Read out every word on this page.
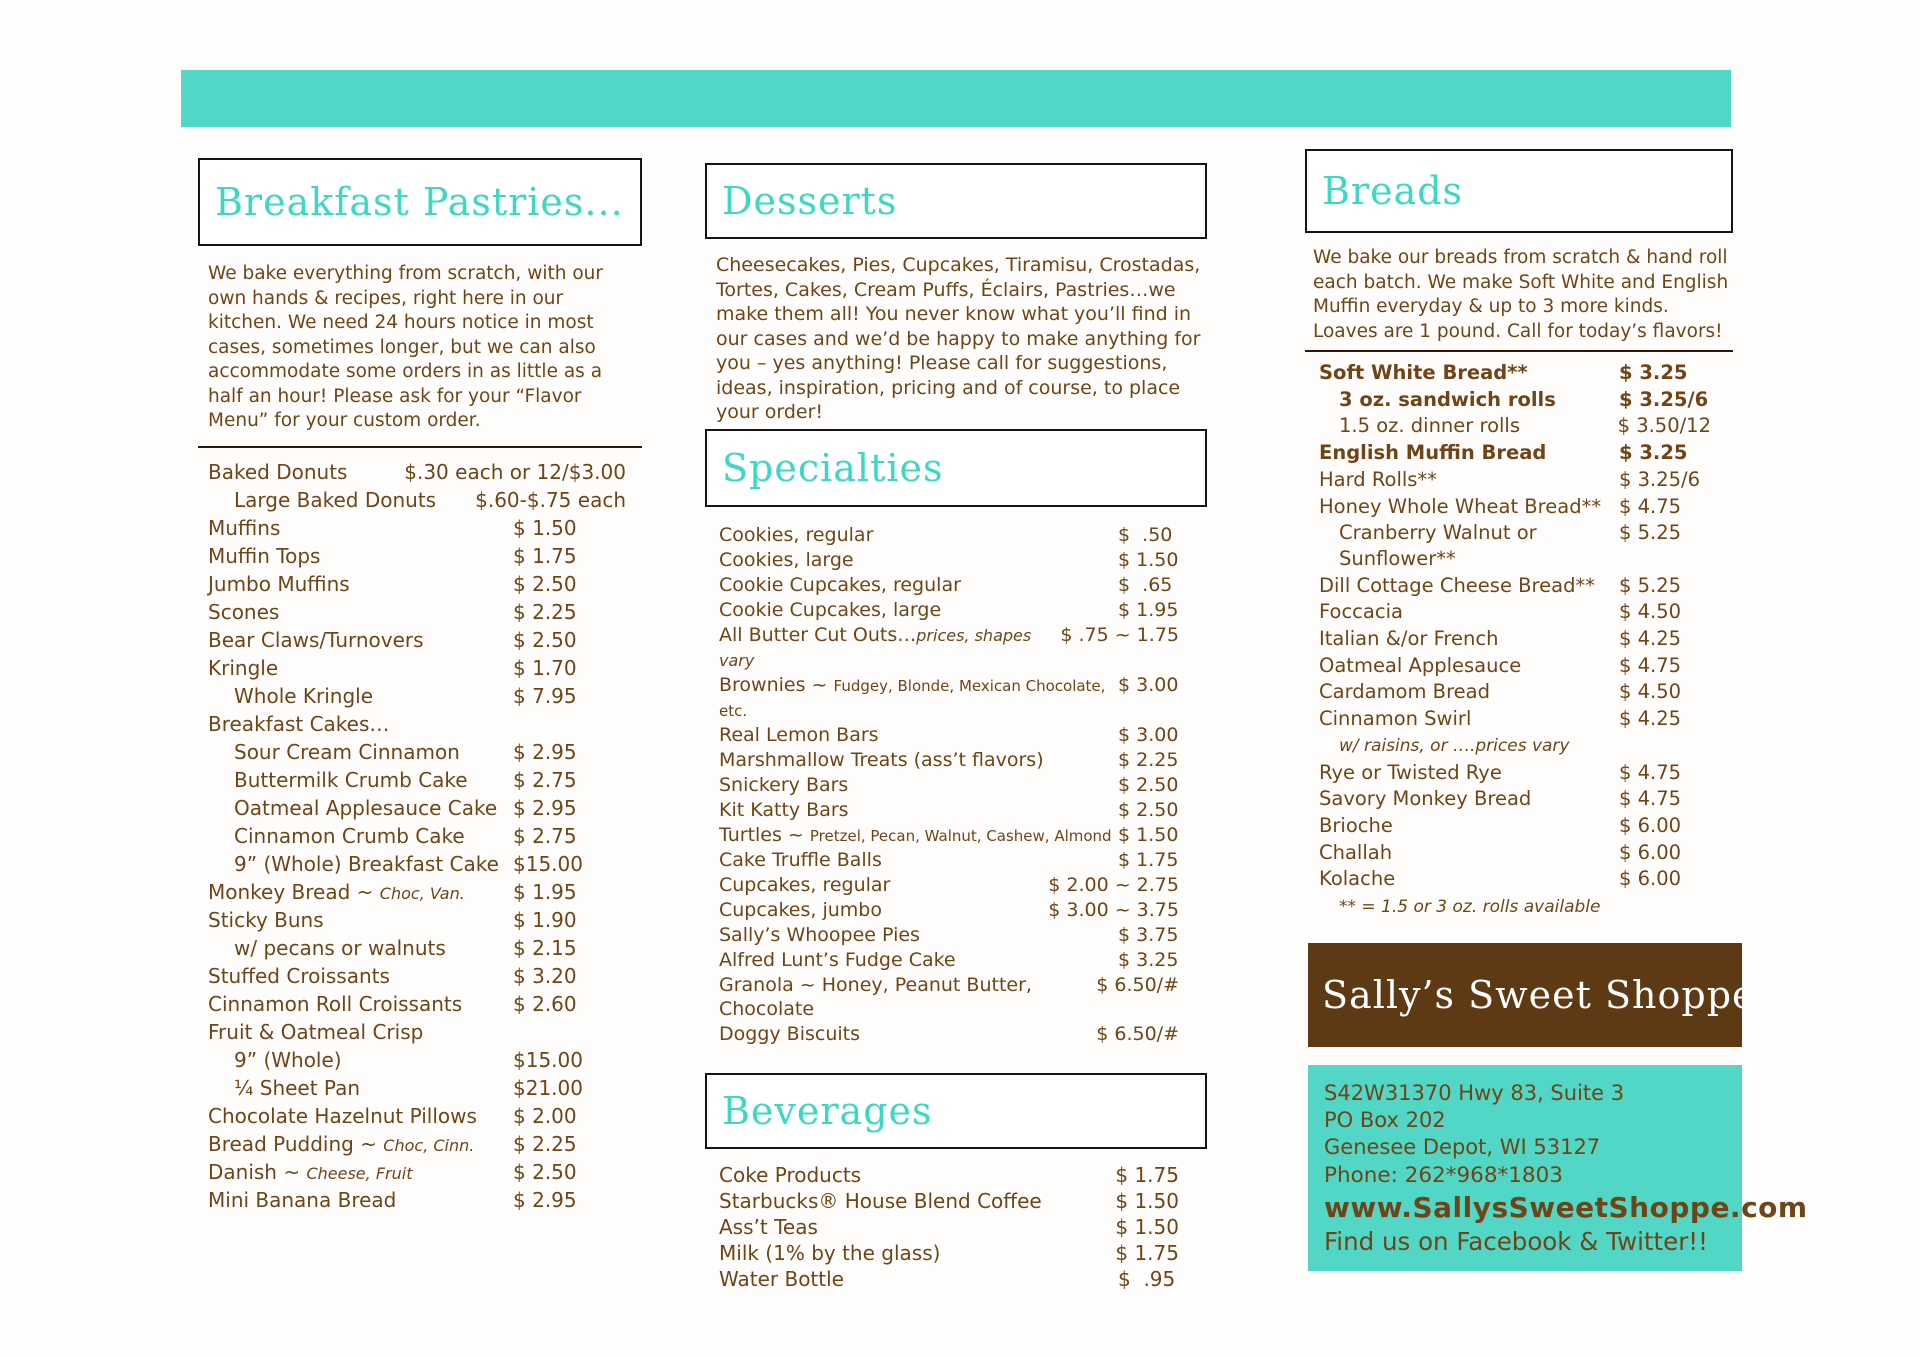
Breakfast Pastries...

We bake everything from scratch, with our own hands & recipes, right here in our kitchen. We need 24 hours notice in most cases, sometimes longer, but we can also accommodate some orders in as little as a half an hour! Please ask for your “Flavor Menu” for your custom order.

Baked Donuts	$.30 each or 12/$3.00
Large Baked Donuts	$.60-$.75 each
Muffins	$ 1.50
Muffin Tops	$ 1.75
Jumbo Muffins	$ 2.50
Scones	$ 2.25
Bear Claws/Turnovers	$ 2.50
Kringle	$ 1.70
Whole Kringle	$ 7.95
Breakfast Cakes…
Sour Cream Cinnamon	$ 2.95
Buttermilk Crumb Cake	$ 2.75
Oatmeal Applesauce Cake $ 2.95
Cinnamon Crumb Cake	$ 2.75
9” (Whole) Breakfast Cake $15.00
Monkey Bread ~ Choc, Van.	$ 1.95
Sticky Buns	$ 1.90
w/ pecans or walnuts	$ 2.15
Stuffed Croissants	$ 3.20
Cinnamon Roll Croissants	$ 2.60
Fruit & Oatmeal Crisp
9” (Whole)	$15.00
¼ Sheet Pan	$21.00
Chocolate Hazelnut Pillows	$ 2.00
Bread Pudding ~ Choc, Cinn.	$ 2.25
Danish ~ Cheese, Fruit	$ 2.50
Mini Banana Bread	$ 2.95
Desserts

Cheesecakes, Pies, Cupcakes, Tiramisu, Crostadas, Tortes, Cakes, Cream Puffs, Éclairs, Pastries…we make them all! You never know what you’ll find in our cases and we’d be happy to make anything for you – yes anything! Please call for suggestions, ideas, inspiration, pricing and of course, to place your order!

Specialties
Cookies, regular	$  .50
Cookies, large	$ 1.50
Cookie Cupcakes, regular	$  .65
Cookie Cupcakes, large	$ 1.95
All Butter Cut Outs…prices, shapes vary
$ .75 ~ 1.75
Brownies ~ Fudgey, Blonde, Mexican Chocolate, etc.
$ 3.00
Real Lemon Bars	$ 3.00
Marshmallow Treats (ass’t flavors)	$ 2.25
Snickery Bars	$ 2.50
Kit Katty Bars	$ 2.50
Turtles ~ Pretzel, Pecan, Walnut, Cashew, Almond $ 1.50
Cake Truffle Balls	$ 1.75
Cupcakes, regular	$ 2.00 ~ 2.75
Cupcakes, jumbo	$ 3.00 ~ 3.75
Sally’s Whoopee Pies	$ 3.75
Alfred Lunt’s Fudge Cake	$ 3.25
Granola ~ Honey, Peanut Butter, Chocolate
$ 6.50/#
Doggy Biscuits	$ 6.50/#
Beverages
Coke Products	$ 1.75
Starbucks® House Blend Coffee	$ 1.50
Ass’t Teas	$ 1.50
Milk (1% by the glass)	$ 1.75
Water Bottle	$  .95
Breads

We bake our breads from scratch & hand roll each batch. We make Soft White and English Muffin everyday & up to 3 more kinds. Loaves are 1 pound. Call for today’s flavors!

Soft White Bread**	$ 3.25
3 oz. sandwich rolls	$ 3.25/6
1.5 oz. dinner rolls	$ 3.50/12
English Muffin Bread	$ 3.25
Hard Rolls**	$ 3.25/6
Honey Whole Wheat Bread** $ 4.75
Cranberry Walnut or Sunflower**
$ 5.25
Dill Cottage Cheese Bread**	$ 5.25
Foccacia	$ 4.50
Italian &/or French	$ 4.25
Oatmeal Applesauce	$ 4.75
Cardamom Bread	$ 4.50
Cinnamon Swirl	$ 4.25
w/ raisins, or ….prices vary
Rye or Twisted Rye	$ 4.75
Savory Monkey Bread	$ 4.75
Brioche	$ 6.00
Challah	$ 6.00
Kolache	$ 6.00
** = 1.5 or 3 oz. rolls available
Sally’s Sweet Shoppe
S42W31370 Hwy 83, Suite 3
PO Box 202
Genesee Depot, WI 53127
Phone: 262*968*1803
www.SallysSweetShoppe.com
Find us on Facebook & Twitter!!
